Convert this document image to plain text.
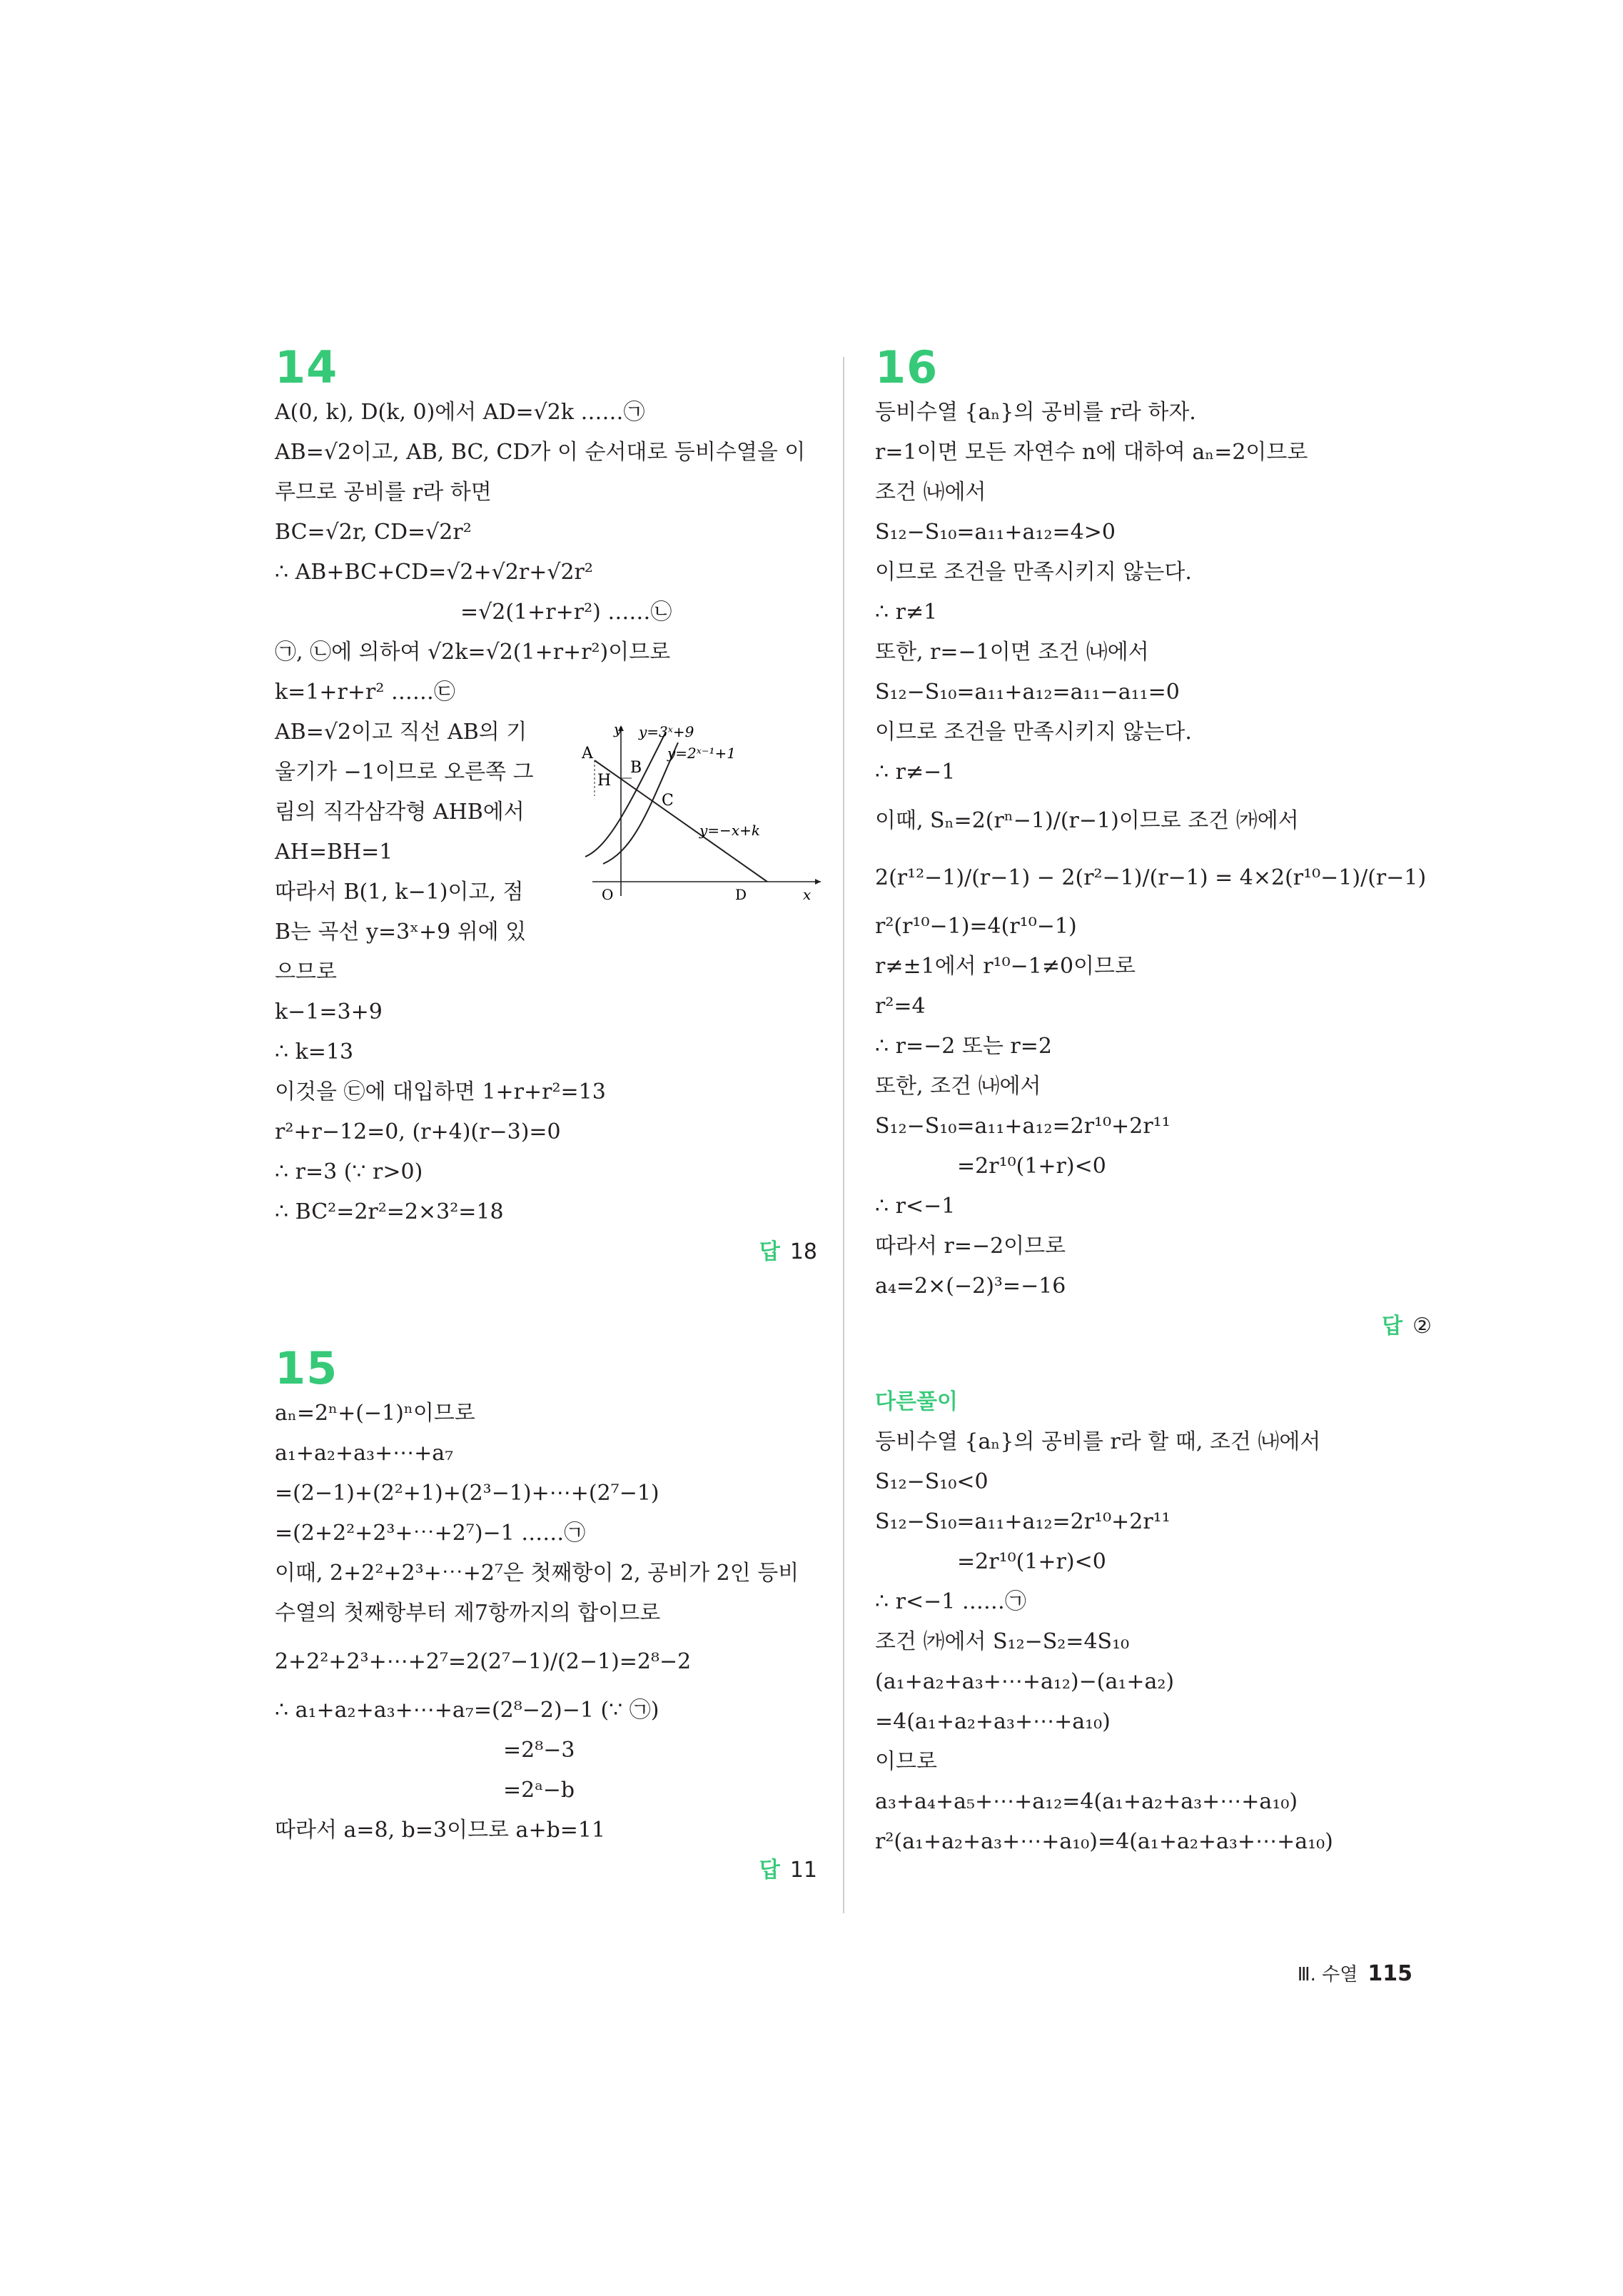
14
A(0, k), D(k, 0)에서 AD=√2k ……㉠
AB=√2이고, AB, BC, CD가 이 순서대로 등비수열을 이
루므로 공비를 r라 하면
BC=√2r, CD=√2r²
∴ AB+BC+CD=√2+√2r+√2r²
=√2(1+r+r²) ……㉡
㉠, ㉡에 의하여 √2k=√2(1+r+r²)이므로
k=1+r+r² ……㉢
AB=√2이고 직선 AB의 기
울기가 −1이므로 오른쪽 그
림의 직각삼각형 AHB에서
AH=BH=1
따라서 B(1, k−1)이고, 점
B는 곡선 y=3ˣ+9 위에 있
으므로
k−1=3+9
∴ k=13
이것을 ㉢에 대입하면 1+r+r²=13
r²+r−12=0, (r+4)(r−3)=0
∴ r=3 (∵ r>0)
∴ BC²=2r²=2×3²=18
답 18
15
aₙ=2ⁿ+(−1)ⁿ이므로
a₁+a₂+a₃+⋯+a₇
=(2−1)+(2²+1)+(2³−1)+⋯+(2⁷−1)
=(2+2²+2³+⋯+2⁷)−1 ……㉠
이때, 2+2²+2³+⋯+2⁷은 첫째항이 2, 공비가 2인 등비
수열의 첫째항부터 제7항까지의 합이므로
2+2²+2³+⋯+2⁷=2(2⁷−1)/(2−1)=2⁸−2
∴ a₁+a₂+a₃+⋯+a₇=(2⁸−2)−1 (∵ ㉠)
=2⁸−3
=2ᵃ−b
따라서 a=8, b=3이므로 a+b=11
답 11
y y=3ˣ+9
y=2ˣ⁻¹+1
A
B
H
C
y=−x+k
O	D	x
16
등비수열 {aₙ}의 공비를 r라 하자.
r=1이면 모든 자연수 n에 대하여 aₙ=2이므로
조건 ㈏에서
S₁₂−S₁₀=a₁₁+a₁₂=4>0
이므로 조건을 만족시키지 않는다.
∴ r≠1
또한, r=−1이면 조건 ㈏에서
S₁₂−S₁₀=a₁₁+a₁₂=a₁₁−a₁₁=0
이므로 조건을 만족시키지 않는다.
∴ r≠−1
이때, Sₙ=2(rⁿ−1)/(r−1)이므로 조건 ㈎에서
2(r¹²−1)/(r−1) − 2(r²−1)/(r−1) = 4×2(r¹⁰−1)/(r−1)
r²(r¹⁰−1)=4(r¹⁰−1)
r≠±1에서 r¹⁰−1≠0이므로
r²=4
∴ r=−2 또는 r=2
또한, 조건 ㈏에서
S₁₂−S₁₀=a₁₁+a₁₂=2r¹⁰+2r¹¹
=2r¹⁰(1+r)<0
∴ r<−1
따라서 r=−2이므로
a₄=2×(−2)³=−16
답 ②
다른풀이
등비수열 {aₙ}의 공비를 r라 할 때, 조건 ㈏에서
S₁₂−S₁₀<0
S₁₂−S₁₀=a₁₁+a₁₂=2r¹⁰+2r¹¹
=2r¹⁰(1+r)<0
∴ r<−1 ……㉠
조건 ㈎에서 S₁₂−S₂=4S₁₀
(a₁+a₂+a₃+⋯+a₁₂)−(a₁+a₂)
=4(a₁+a₂+a₃+⋯+a₁₀)
이므로
a₃+a₄+a₅+⋯+a₁₂=4(a₁+a₂+a₃+⋯+a₁₀)
r²(a₁+a₂+a₃+⋯+a₁₀)=4(a₁+a₂+a₃+⋯+a₁₀)
Ⅲ. 수열 115
